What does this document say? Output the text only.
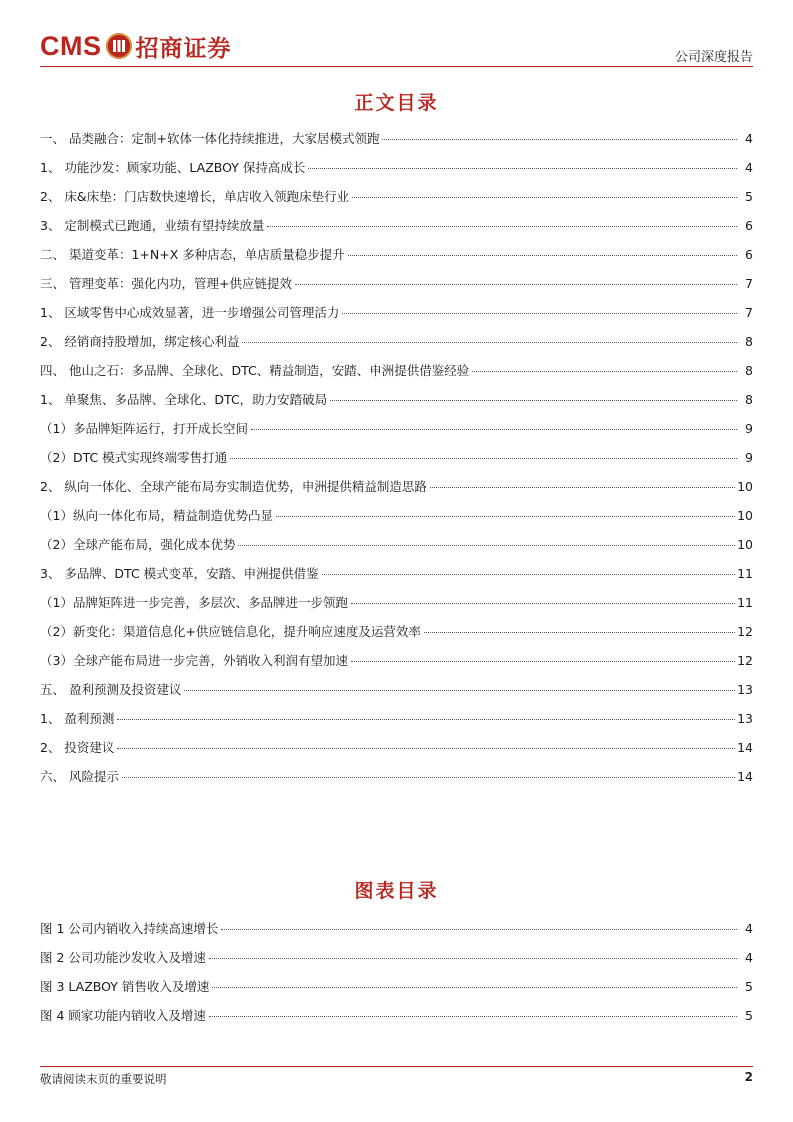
CMS 招商证券	公司深度报告
正文目录
一、 品类融合：定制+软体一体化持续推进，大家居模式领跑	4
1、 功能沙发：顾家功能、LAZBOY 保持高成长	4
2、 床&床垫：门店数快速增长，单店收入领跑床垫行业	5
3、 定制模式已跑通，业绩有望持续放量	6
二、 渠道变革：1+N+X 多种店态，单店质量稳步提升	6
三、 管理变革：强化内功，管理+供应链提效	7
1、 区域零售中心成效显著，进一步增强公司管理活力	7
2、 经销商持股增加，绑定核心利益	8
四、 他山之石：多品牌、全球化、DTC、精益制造，安踏、申洲提供借鉴经验	8
1、 单聚焦、多品牌、全球化、DTC，助力安踏破局	8
（1）多品牌矩阵运行，打开成长空间	9
（2）DTC 模式实现终端零售打通	9
2、 纵向一体化、全球产能布局夯实制造优势，申洲提供精益制造思路	10
（1）纵向一体化布局，精益制造优势凸显	10
（2）全球产能布局，强化成本优势	10
3、 多品牌、DTC 模式变革，安踏、申洲提供借鉴	11
（1）品牌矩阵进一步完善，多层次、多品牌进一步领跑	11
（2）新变化：渠道信息化+供应链信息化，提升响应速度及运营效率	12
（3）全球产能布局进一步完善，外销收入利润有望加速	12
五、 盈利预测及投资建议	13
1、 盈利预测	13
2、 投资建议	14
六、 风险提示	14
图表目录
图 1 公司内销收入持续高速增长	4
图 2 公司功能沙发收入及增速	4
图 3 LAZBOY 销售收入及增速	5
图 4 顾家功能内销收入及增速	5
敬请阅读末页的重要说明	2
